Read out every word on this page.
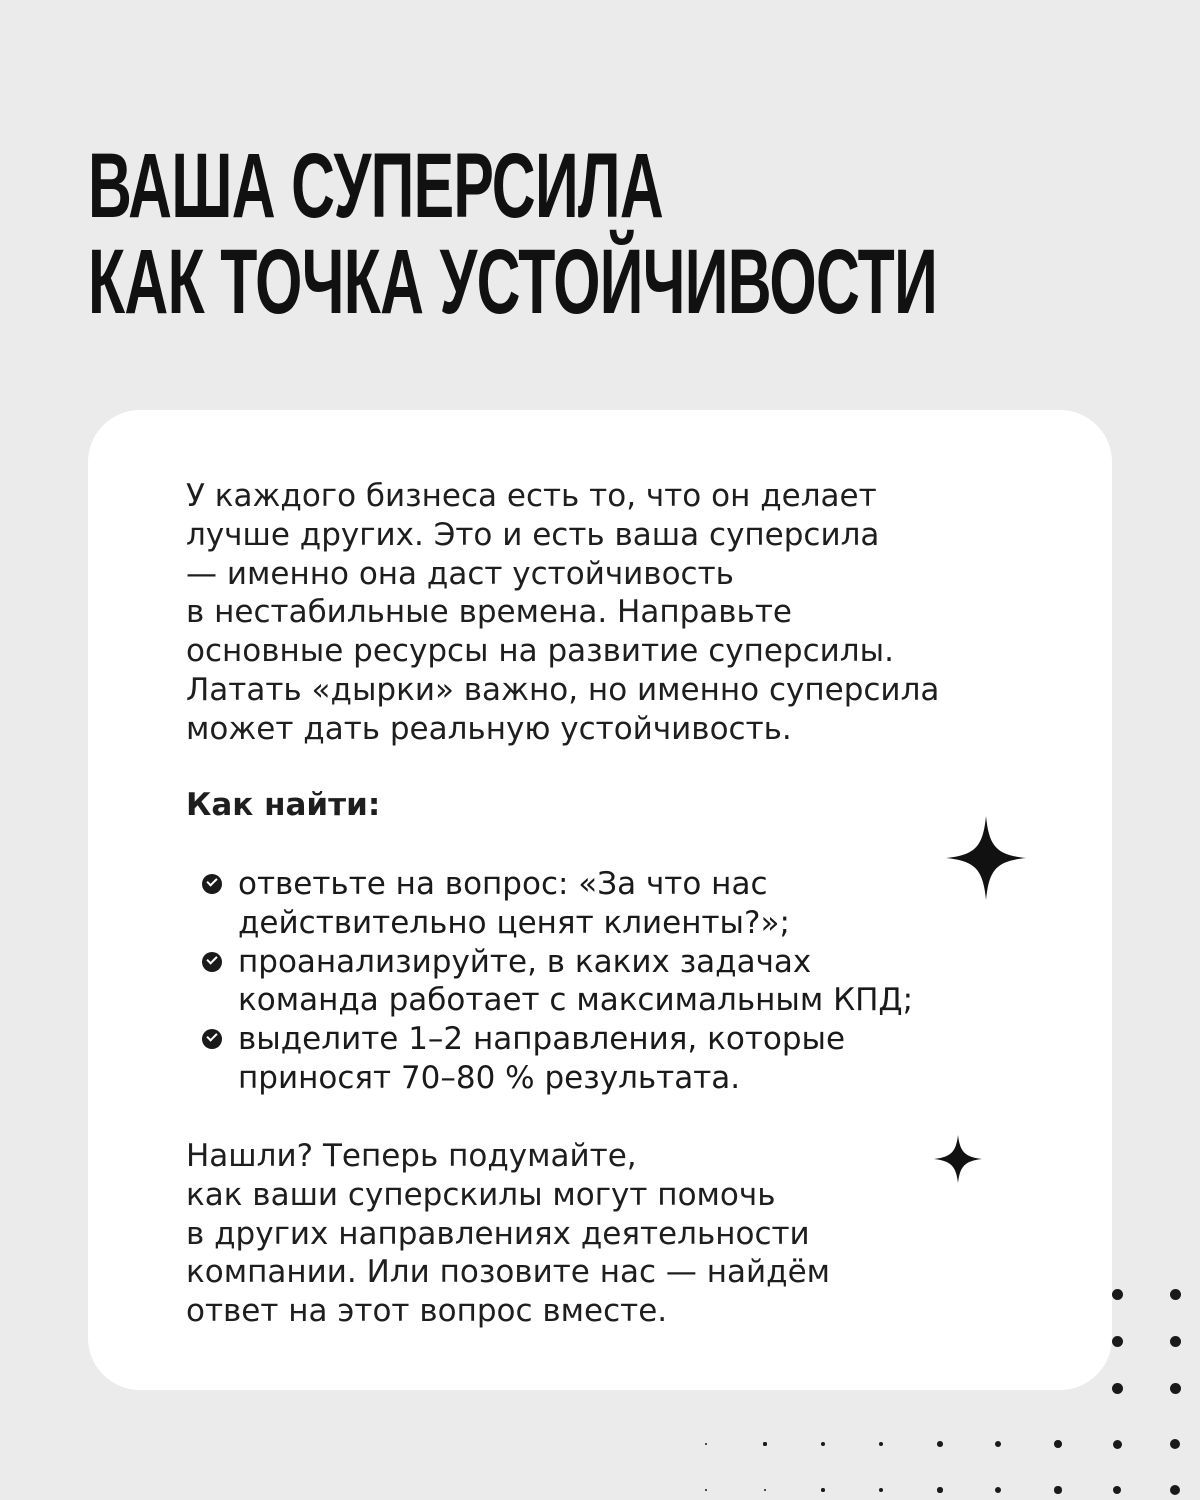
ВАША СУПЕРСИЛА
КАК ТОЧКА УСТОЙЧИВОСТИ

У каждого бизнеса есть то, что он делает
лучше других. Это и есть ваша суперсила
— именно она даст устойчивость
в нестабильные времена. Направьте
основные ресурсы на развитие суперсилы.
Латать «дырки» важно, но именно суперсила
может дать реальную устойчивость.

Как найти:

ответьте на вопрос: «За что нас
действительно ценят клиенты?»;
проанализируйте, в каких задачах
команда работает с максимальным КПД;
выделите 1–2 направления, которые
приносят 70–80 % результата.

Нашли? Теперь подумайте,
как ваши суперскилы могут помочь
в других направлениях деятельности
компании. Или позовите нас — найдём
ответ на этот вопрос вместе.
